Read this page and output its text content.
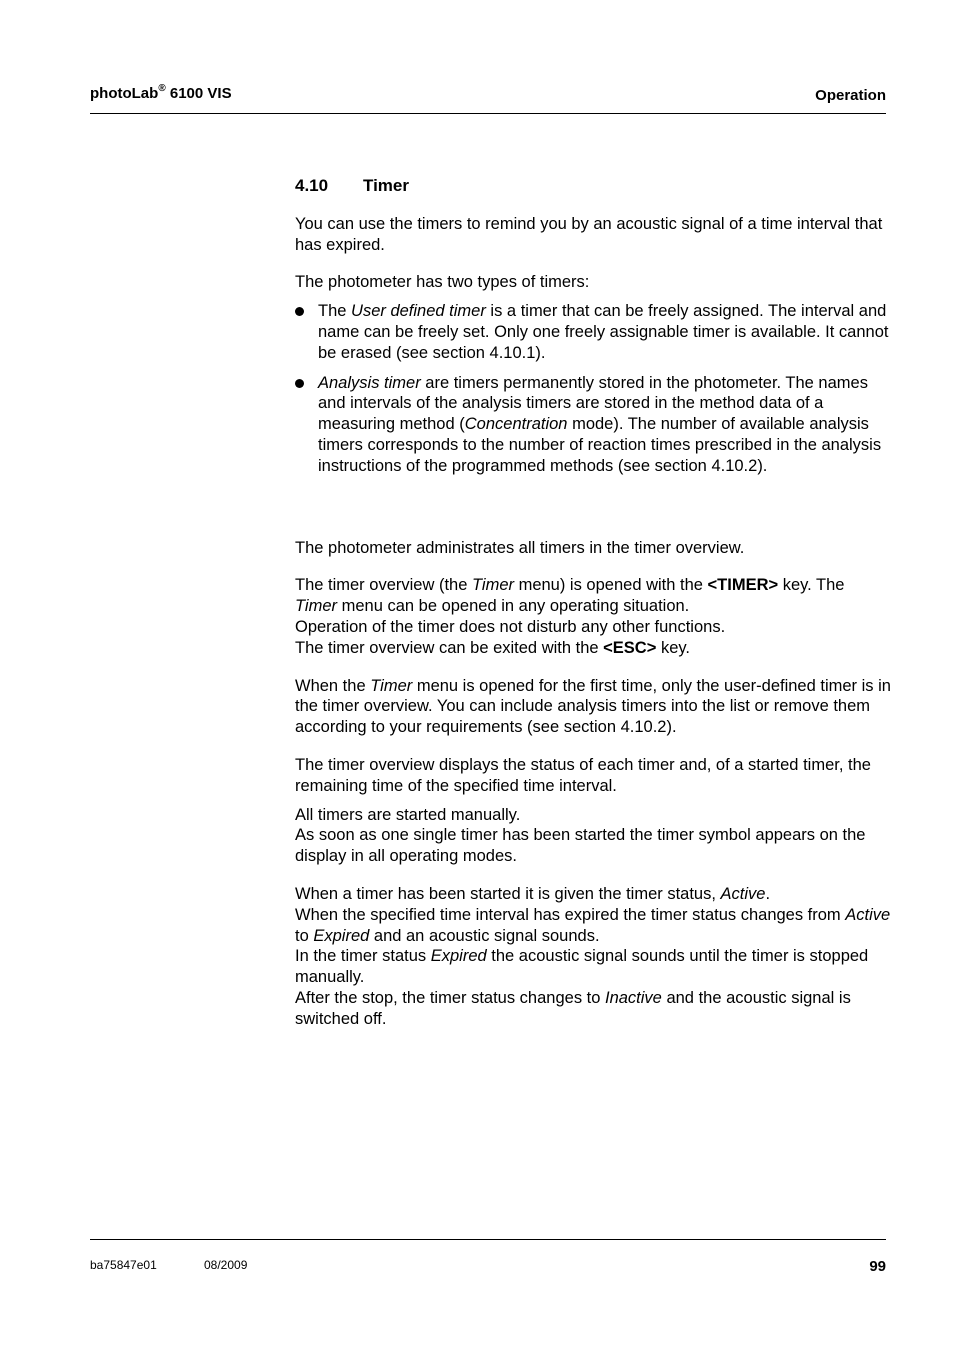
photoLab® 6100 VIS	Operation
4.10 Timer

You can use the timers to remind you by an acoustic signal of a time interval that has expired.

The photometer has two types of timers:

The User defined timer is a timer that can be freely assigned. The interval and name can be freely set. Only one freely assignable timer is available. It cannot be erased (see section 4.10.1).
Analysis timer are timers permanently stored in the photometer. The names and intervals of the analysis timers are stored in the method data of a measuring method (Concentration mode). The number of available analysis timers corresponds to the number of reaction times prescribed in the analysis instructions of the programmed methods (see section 4.10.2).

The photometer administrates all timers in the timer overview.

The timer overview (the Timer menu) is opened with the <TIMER> key. The
Timer menu can be opened in any operating situation.
Operation of the timer does not disturb any other functions.
The timer overview can be exited with the <ESC> key.

When the Timer menu is opened for the first time, only the user-defined timer is in the timer overview. You can include analysis timers into the list or remove them according to your requirements (see section 4.10.2).

The timer overview displays the status of each timer and, of a started timer, the remaining time of the specified time interval.

All timers are started manually.
As soon as one single timer has been started the timer symbol appears on the display in all operating modes.

When a timer has been started it is given the timer status, Active.
When the specified time interval has expired the timer status changes from Active to Expired and an acoustic signal sounds.
In the timer status Expired the acoustic signal sounds until the timer is stopped manually.
After the stop, the timer status changes to Inactive and the acoustic signal is switched off.

ba75847e01	08/2009	99
